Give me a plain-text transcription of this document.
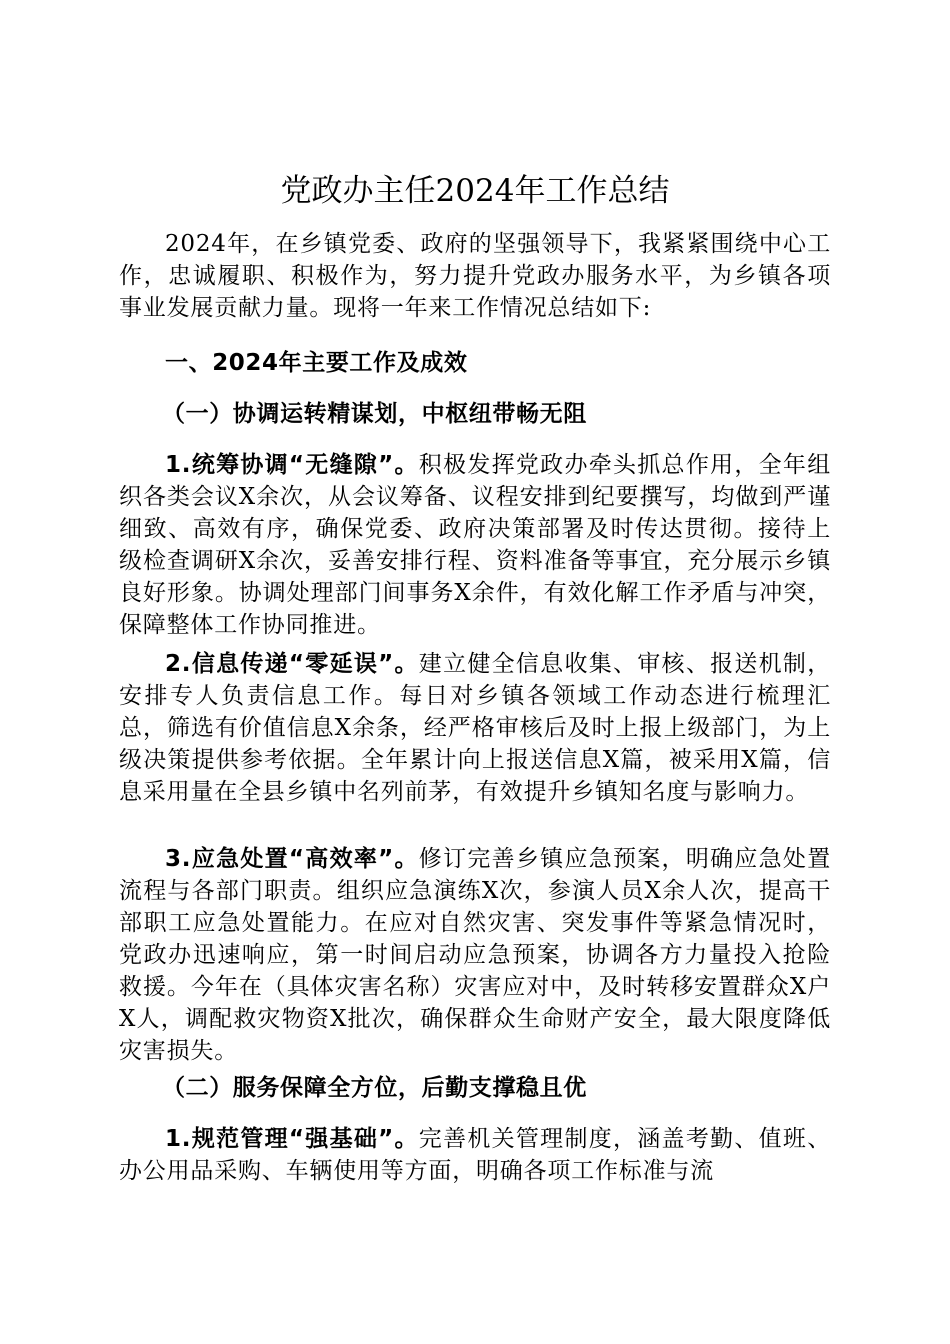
党政办主任2024年工作总结

2024年，在乡镇党委、政府的坚强领导下，我紧紧围绕中心工作，忠诚履职、积极作为，努力提升党政办服务水平，为乡镇各项事业发展贡献力量。现将一年来工作情况总结如下:

一、2024年主要工作及成效
（一）协调运转精谋划，中枢纽带畅无阻

1.统筹协调“无缝隙”。积极发挥党政办牵头抓总作用，全年组织各类会议X余次，从会议筹备、议程安排到纪要撰写，均做到严谨细致、高效有序，确保党委、政府决策部署及时传达贯彻。接待上级检查调研X余次，妥善安排行程、资料准备等事宜，充分展示乡镇良好形象。协调处理部门间事务X余件，有效化解工作矛盾与冲突，保障整体工作协同推进。

2.信息传递“零延误”。建立健全信息收集、审核、报送机制，安排专人负责信息工作。每日对乡镇各领域工作动态进行梳理汇总，筛选有价值信息X余条，经严格审核后及时上报上级部门，为上级决策提供参考依据。全年累计向上报送信息X篇，被采用X篇，信息采用量在全县乡镇中名列前茅，有效提升乡镇知名度与影响力。

3.应急处置“高效率”。修订完善乡镇应急预案，明确应急处置流程与各部门职责。组织应急演练X次，参演人员X余人次，提高干部职工应急处置能力。在应对自然灾害、突发事件等紧急情况时，党政办迅速响应，第一时间启动应急预案，协调各方力量投入抢险救援。今年在（具体灾害名称）灾害应对中，及时转移安置群众X户X人，调配救灾物资X批次，确保群众生命财产安全，最大限度降低灾害损失。

（二）服务保障全方位，后勤支撑稳且优

1.规范管理“强基础”。完善机关管理制度，涵盖考勤、值班、办公用品采购、车辆使用等方面，明确各项工作标准与流
